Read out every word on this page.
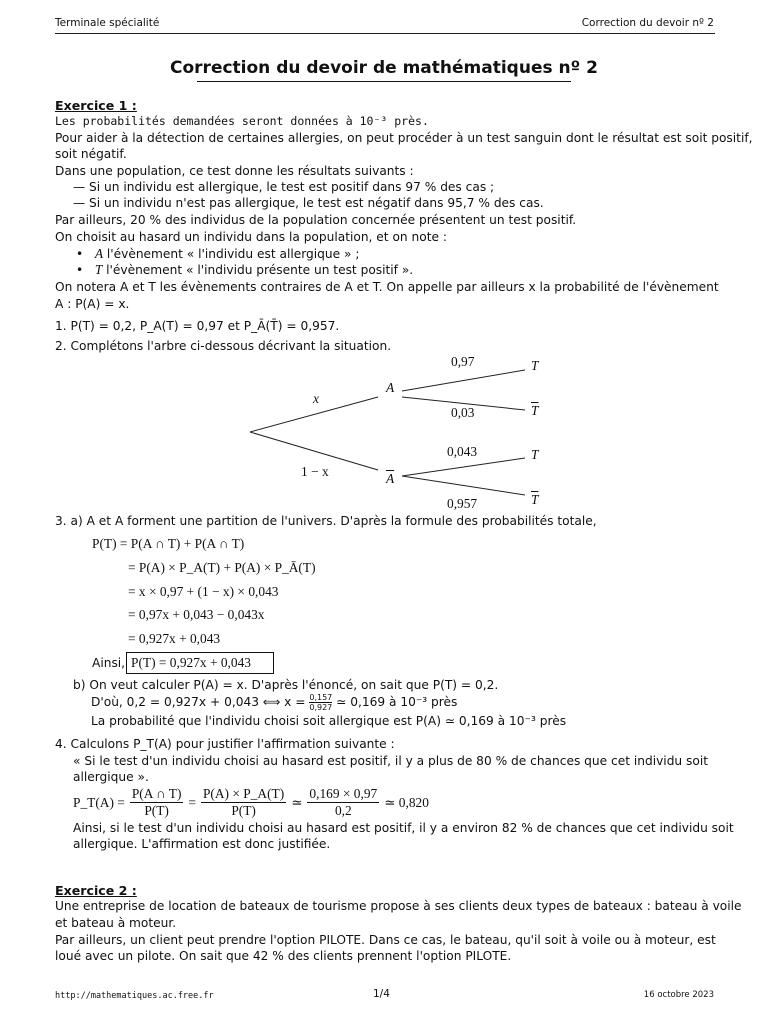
Terminale spécialité	Correction du devoir nº 2
Correction du devoir de mathématiques nº 2
Exercice 1 :
Les probabilités demandées seront données à 10⁻³ près.
Pour aider à la détection de certaines allergies, on peut procéder à un test sanguin dont le résultat est soit positif,
soit négatif.
Dans une population, ce test donne les résultats suivants :
— Si un individu est allergique, le test est positif dans 97 % des cas ;
— Si un individu n'est pas allergique, le test est négatif dans 95,7 % des cas.
Par ailleurs, 20 % des individus de la population concernée présentent un test positif.
On choisit au hasard un individu dans la population, et on note :
•   A l'évènement « l'individu est allergique » ;
•   T l'évènement « l'individu présente un test positif ».
On notera A et T les évènements contraires de A et T. On appelle par ailleurs x la probabilité de l'évènement
A : P(A) = x.
1. P(T) = 0,2, P_A(T) = 0,97 et P_Ā(T̄) = 0,957.
2. Complétons l'arbre ci-dessous décrivant la situation.
x
1 − x
A
$\overline{A}$
0,97
0,03
0,043
0,957
T
$\overline{T}$
T
$\overline{T}$
3. a) A et A forment une partition de l'univers. D'après la formule des probabilités totale,
P(T) = P(A ∩ T) + P(A ∩ T)
= P(A) × P_A(T) + P(A) × P_Ā(T)
= x × 0,97 + (1 − x) × 0,043
= 0,97x + 0,043 − 0,043x
= 0,927x + 0,043
Ainsi, P(T) = 0,927x + 0,043
b) On veut calculer P(A) = x. D'après l'énoncé, on sait que P(T) = 0,2.
D'où, 0,2 = 0,927x + 0,043 ⟺ $x = \frac{0,157}{0,927}$ ≃ 0,169 à 10⁻³ près
La probabilité que l'individu choisi soit allergique est P(A) ≃ 0,169 à 10⁻³ près
4. Calculons P_T(A) pour justifier l'affirmation suivante :
« Si le test d'un individu choisi au hasard est positif, il y a plus de 80 % de chances que cet individu soit
allergique ».
P_T(A) = $\frac{P(A \cap T)}{P(T)} = \frac{P(A) \times P\_A(T)}{P(T)}$ ≃ $\frac{0,169 \times 0,97}{0,2}$ ≃ 0,820
Ainsi, si le test d'un individu choisi au hasard est positif, il y a environ 82 % de chances que cet individu soit
allergique. L'affirmation est donc justifiée.
Exercice 2 :
Une entreprise de location de bateaux de tourisme propose à ses clients deux types de bateaux : bateau à voile
et bateau à moteur.
Par ailleurs, un client peut prendre l'option PILOTE. Dans ce cas, le bateau, qu'il soit à voile ou à moteur, est
loué avec un pilote. On sait que 42 % des clients prennent l'option PILOTE.
http://mathematiques.ac.free.fr	1/4	16 octobre 2023
